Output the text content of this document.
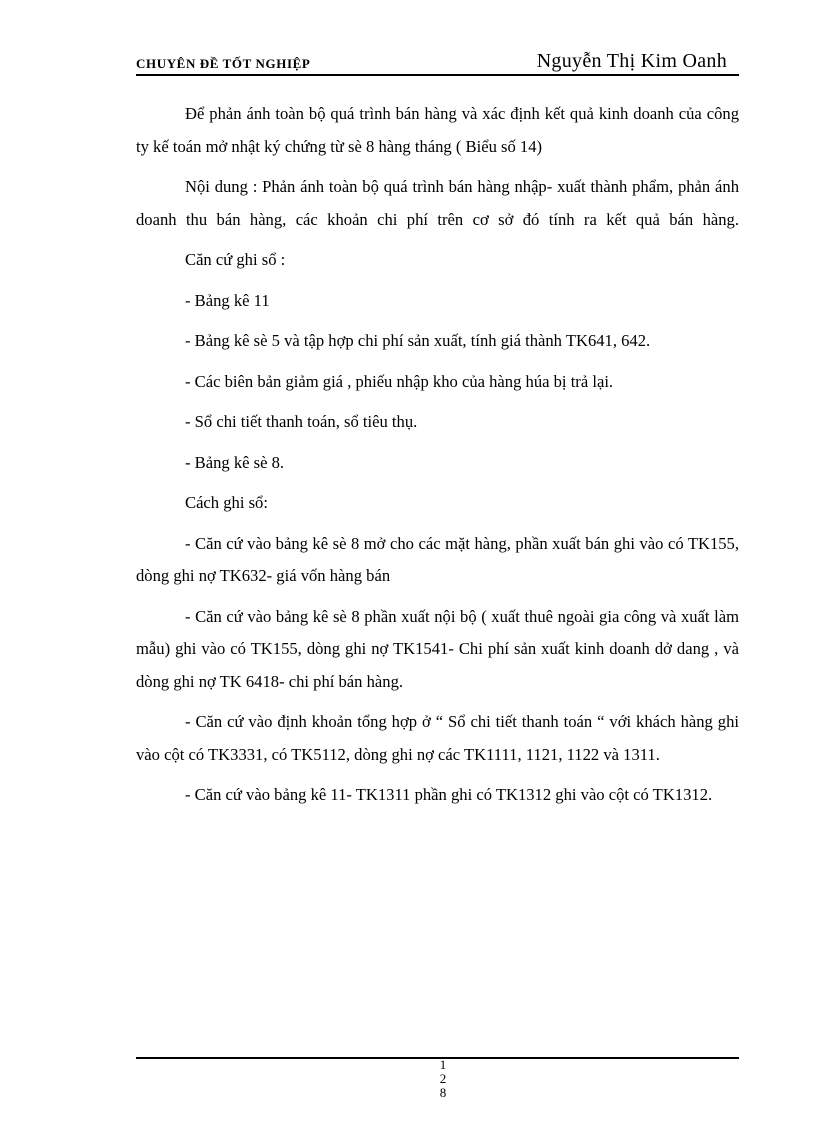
CHUYÊN ĐỀ TỐT NGHIỆP	Nguyễn Thị Kim Oanh

Để phản ánh toàn bộ quá trình bán hàng và xác định kết quả kinh doanh của công ty kế toán mở nhật ký chứng từ sè 8 hàng tháng ( Biểu số 14)

Nội dung : Phản ánh toàn bộ quá trình bán hàng nhập- xuất thành phẩm, phản ánh doanh thu bán hàng, các khoản chi phí trên cơ sở đó tính ra kết quả bán hàng.

Căn cứ ghi sổ :

- Bảng kê 11

- Bảng kê sè 5 và tập hợp chi phí sản xuất, tính giá thành TK641, 642.

- Các biên bản giảm giá , phiếu nhập kho của hàng húa bị trả lại.

- Sổ chi tiết thanh toán, sổ tiêu thụ.

- Bảng kê sè 8.

Cách ghi sổ:

- Căn cứ vào bảng kê sè 8 mở cho các mặt hàng, phần xuất bán ghi vào có TK155, dòng ghi nợ TK632- giá vốn hàng bán

- Căn cứ vào bảng kê sè 8 phần xuất nội bộ ( xuất thuê ngoài gia công và xuất làm mẫu) ghi vào có TK155, dòng ghi nợ TK1541- Chi phí sản xuất kinh doanh dở dang , và dòng ghi nợ TK 6418- chi phí bán hàng.

- Căn cứ vào định khoản tổng hợp ở “ Sổ chi tiết thanh toán “ với khách hàng ghi vào cột có TK3331, có TK5112, dòng ghi nợ các TK1111, 1121, 1122 và 1311.

- Căn cứ vào bảng kê 11- TK1311 phần ghi có TK1312 ghi vào cột có TK1312.

1
2
8
